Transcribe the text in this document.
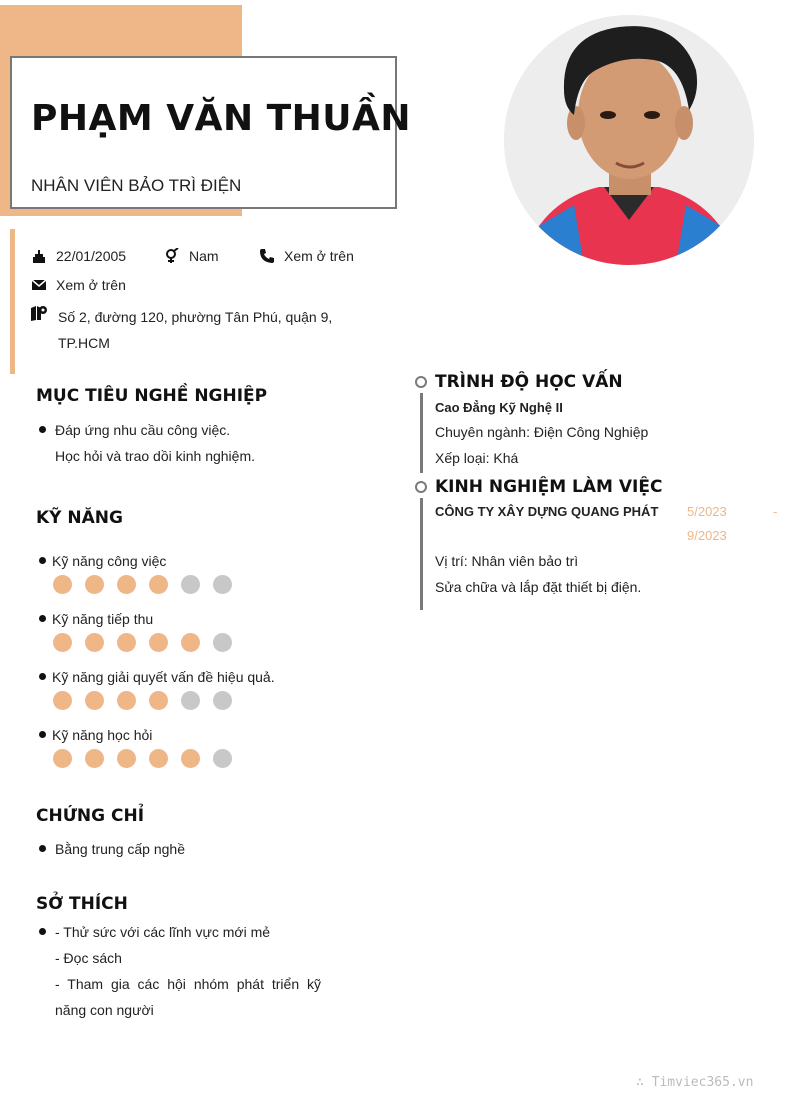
PHẠM VĂN THUẦN
NHÂN VIÊN BẢO TRÌ ĐIỆN
22/01/2005	Nam	Xem ở trên
Xem ở trên
Số 2, đường 120, phường Tân Phú, quận 9,
TP.HCM
MỤC TIÊU NGHỀ NGHIỆP
Đáp ứng nhu cầu công việc.
Học hỏi và trao dồi kinh nghiệm.
KỸ NĂNG
Kỹ năng công việc
Kỹ năng tiếp thu
Kỹ năng giải quyết vấn đề hiệu quả.
Kỹ năng học hỏi
CHỨNG CHỈ
Bằng trung cấp nghề
SỞ THÍCH
- Thử sức với các lĩnh vực mới mẻ
- Đọc sách
- Tham gia các hội nhóm phát triển kỹ
năng con người
TRÌNH ĐỘ HỌC VẤN
Cao Đẳng Kỹ Nghệ II
Chuyên ngành: Điện Công Nghiệp
Xếp loại: Khá
KINH NGHIỆM LÀM VIỆC
CÔNG TY XÂY DỰNG QUANG PHÁT 5/2023	-
9/2023
Vị trí: Nhân viên bảo trì
Sửa chữa và lắp đặt thiết bị điện.
∴ Timviec365.vn
